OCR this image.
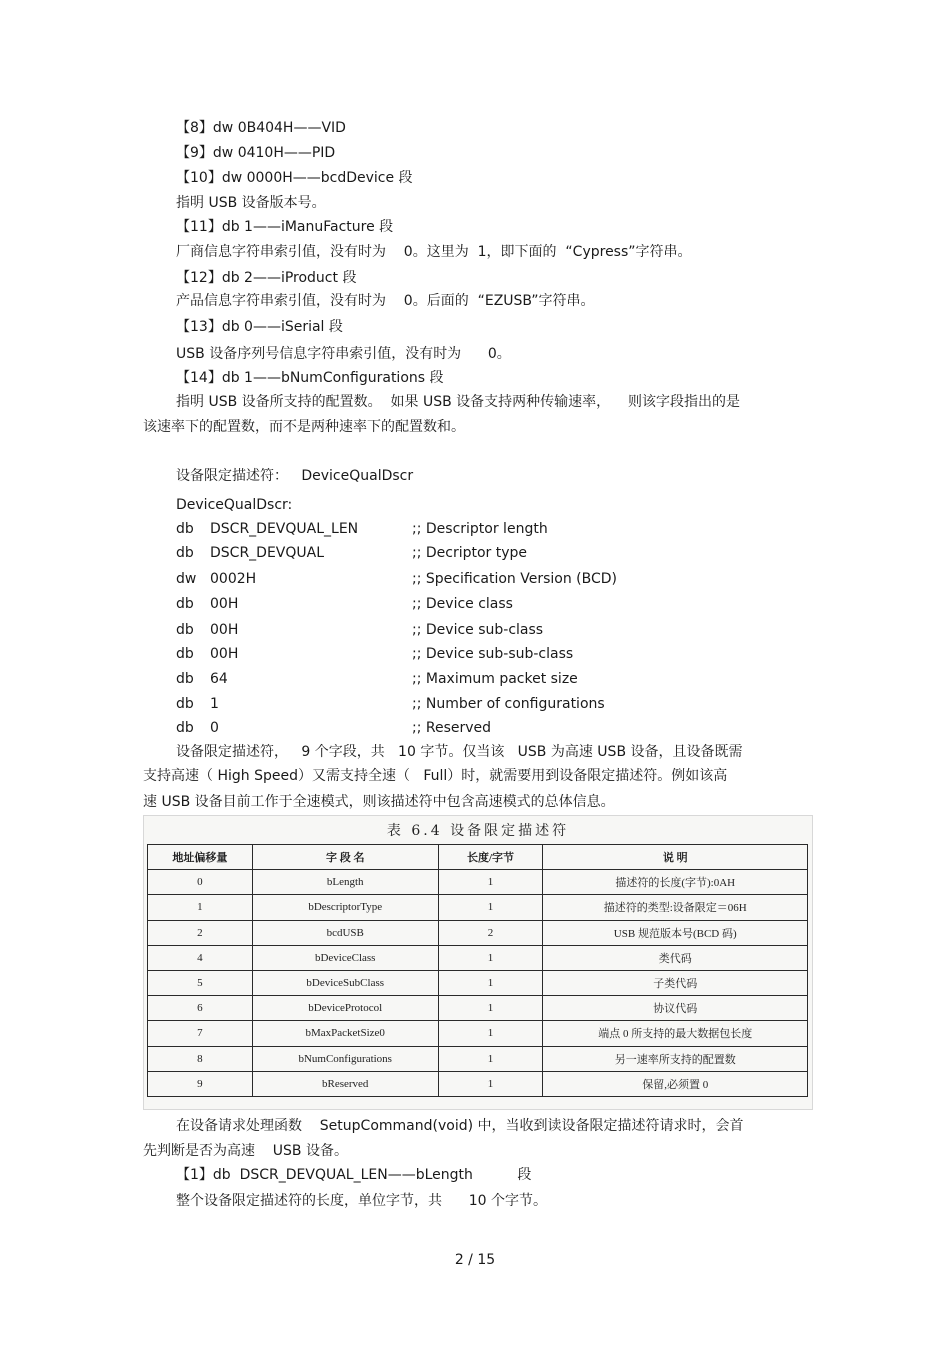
【8】dw 0B404H——VID
【9】dw 0410H——PID
【10】dw 0000H——bcdDevice 段
指明 USB 设备版本号。
【11】db 1——iManuFacture 段
厂商信息字符串索引值，没有时为    0。这里为  1，即下面的  “Cypress”字符串。
【12】db 2——iProduct 段
产品信息字符串索引值，没有时为    0。后面的  “EZUSB”字符串。
【13】db 0——iSerial 段
USB 设备序列号信息字符串索引值，没有时为      0。
【14】db 1——bNumConfigurations 段
指明 USB 设备所支持的配置数。  如果 USB 设备支持两种传输速率，    则该字段指出的是
该速率下的配置数，而不是两种速率下的配置数和。
设备限定描述符：   DeviceQualDscr
DeviceQualDscr:
db DSCR_DEVQUAL_LEN	;; Descriptor length
db DSCR_DEVQUAL	;; Decriptor type
dw 0002H	;; Specification Version (BCD)
db 00H	;; Device class
db 00H	;; Device sub-class
db 00H	;; Device sub-sub-class
db 64	;; Maximum packet size
db 1	;; Number of configurations
db 0	;; Reserved
设备限定描述符，   9 个字段，共   10 字节。仅当该   USB 为高速 USB 设备，且设备既需
支持高速（ High Speed）又需支持全速（   Full）时，就需要用到设备限定描述符。例如该高
速 USB 设备目前工作于全速模式，则该描述符中包含高速模式的总体信息。
表 6.4 设备限定描述符
地址偏移量	字 段 名	长度/字节	说 明
0	bLength	1	描述符的长度(字节):0AH
1	bDescriptorType	1	描述符的类型:设备限定＝06H
2	bcdUSB	2	USB 规范版本号(BCD 码)
4	bDeviceClass	1	类代码
5	bDeviceSubClass	1	子类代码
6	bDeviceProtocol	1	协议代码
7	bMaxPacketSize0	1	端点 0 所支持的最大数据包长度
8	bNumConfigurations	1	另一速率所支持的配置数
9	bReserved	1	保留,必须置 0
在设备请求处理函数    SetupCommand(void) 中，当收到读设备限定描述符请求时，会首
先判断是否为高速    USB 设备。
【1】db  DSCR_DEVQUAL_LEN——bLength          段
整个设备限定描述符的长度，单位字节，共      10 个字节。
2 / 15
